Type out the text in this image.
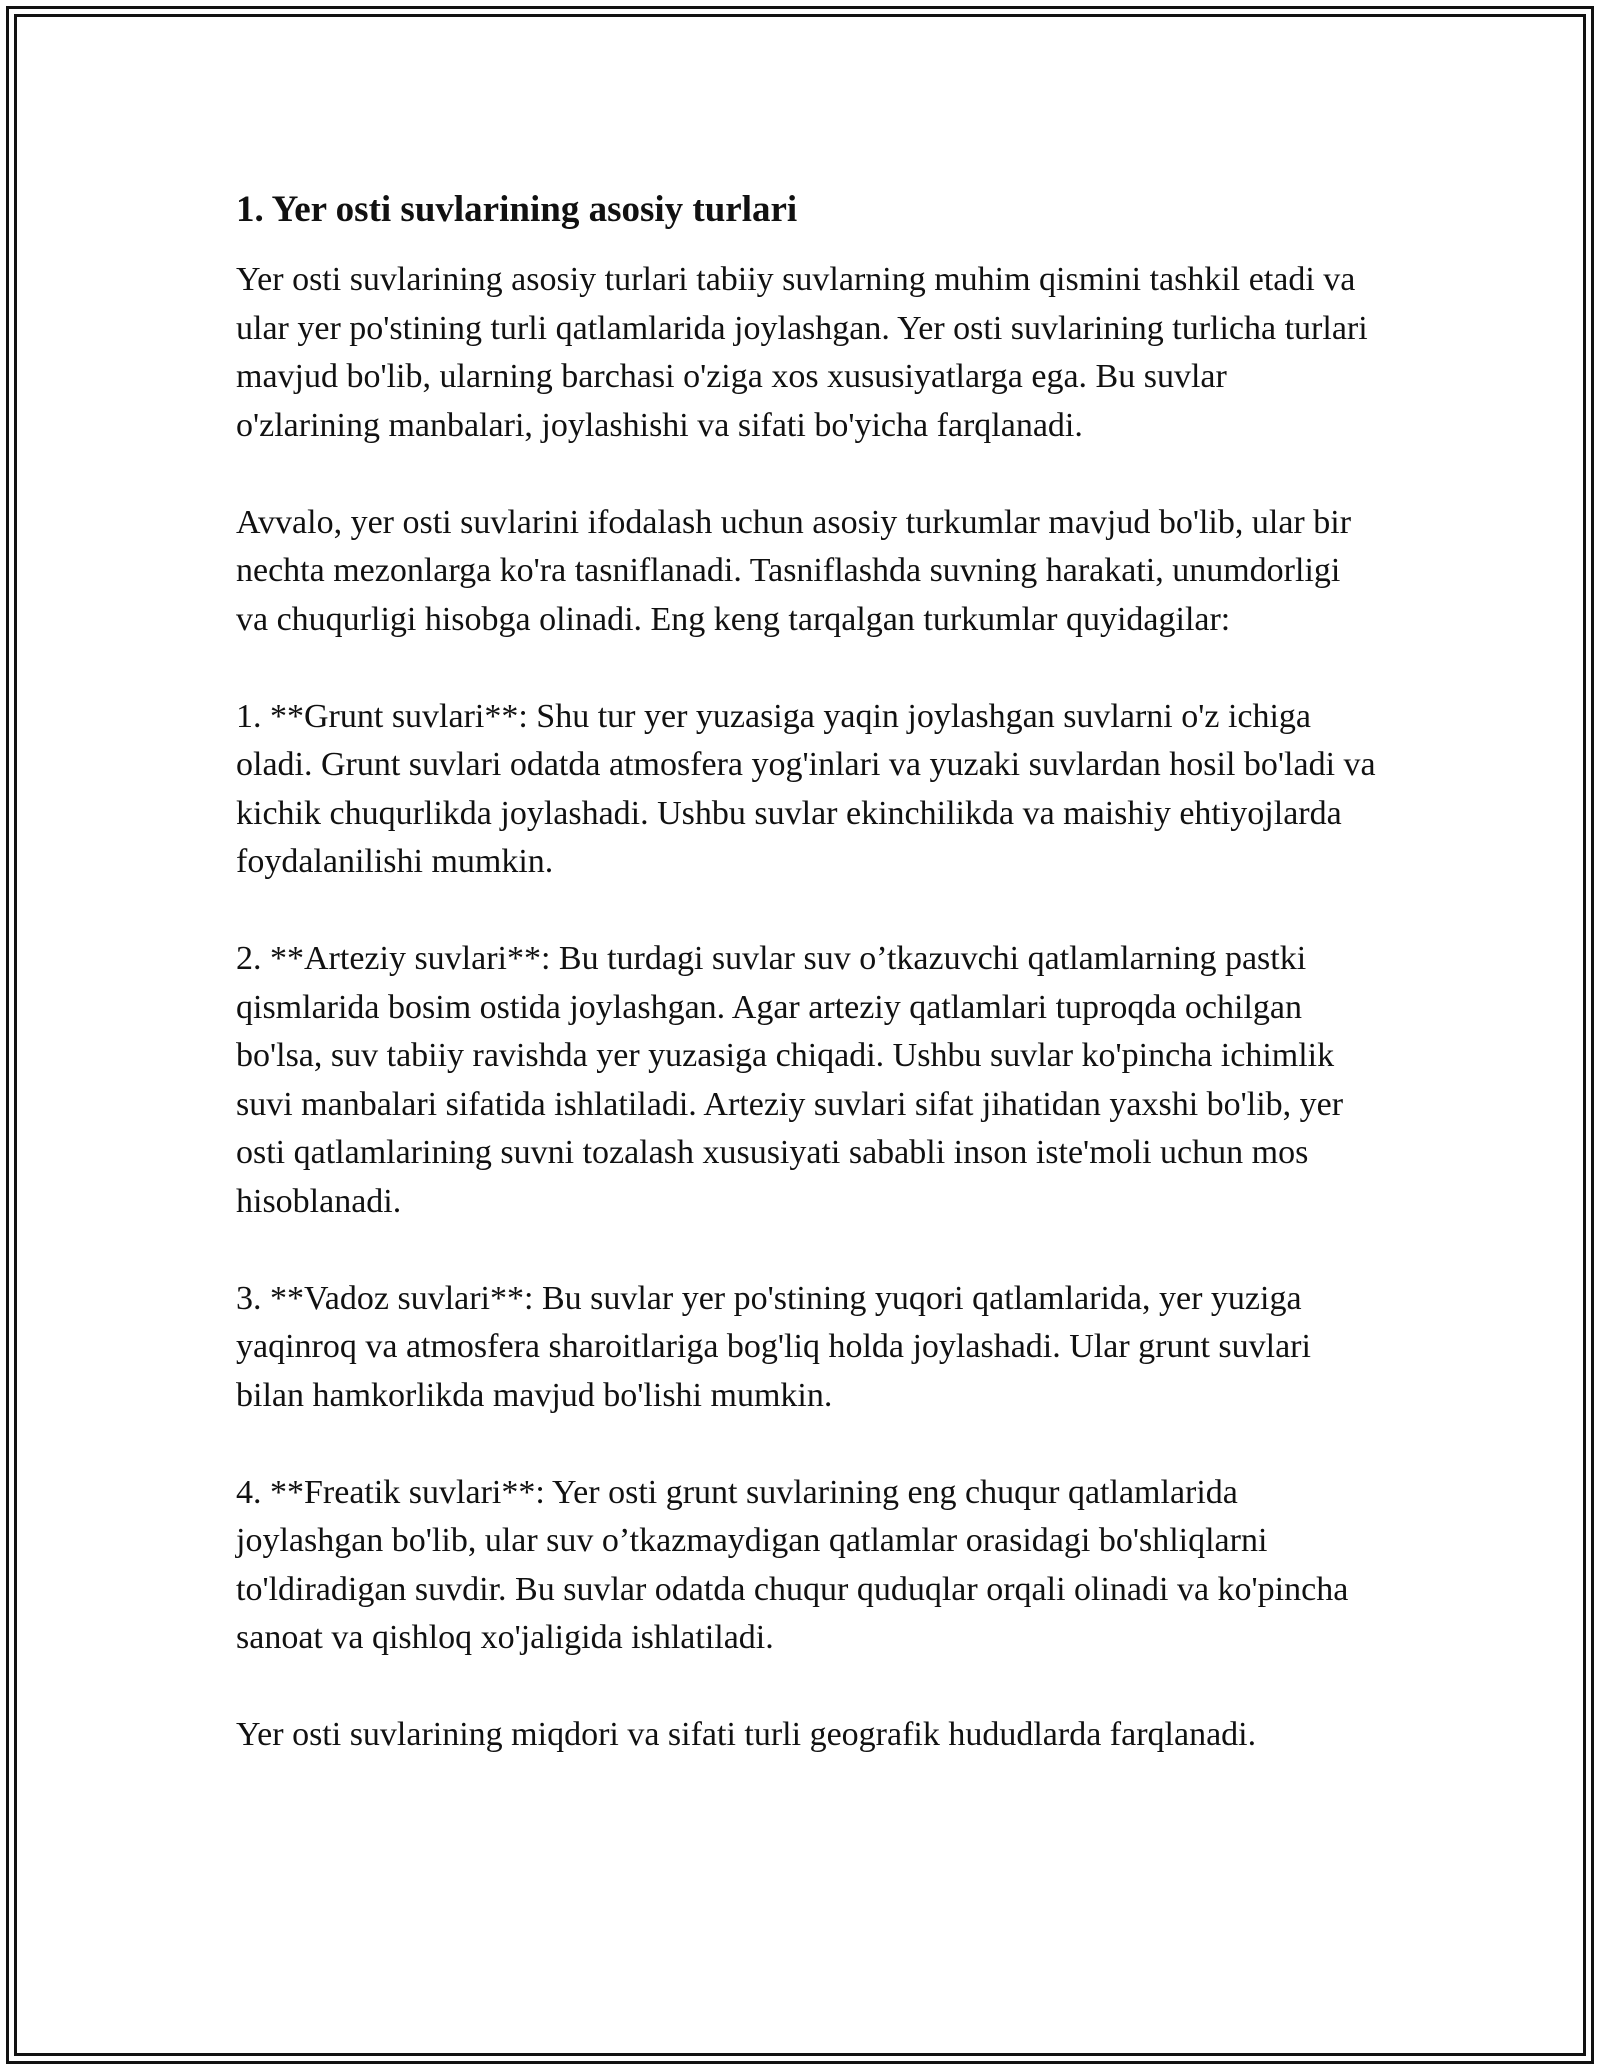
1. Yer osti suvlarining asosiy turlari

Yer osti suvlarining asosiy turlari tabiiy suvlarning muhim qismini tashkil etadi va ular yer po'stining turli qatlamlarida joylashgan. Yer osti suvlarining turlicha turlari mavjud bo'lib, ularning barchasi o'ziga xos xususiyatlarga ega. Bu suvlar o'zlarining manbalari, joylashishi va sifati bo'yicha farqlanadi.

Avvalo, yer osti suvlarini ifodalash uchun asosiy turkumlar mavjud bo'lib, ular bir nechta mezonlarga ko'ra tasniflanadi. Tasniflashda suvning harakati, unumdorligi va chuqurligi hisobga olinadi. Eng keng tarqalgan turkumlar quyidagilar:

1. **Grunt suvlari**: Shu tur yer yuzasiga yaqin joylashgan suvlarni o'z ichiga oladi. Grunt suvlari odatda atmosfera yog'inlari va yuzaki suvlardan hosil bo'ladi va kichik chuqurlikda joylashadi. Ushbu suvlar ekinchilikda va maishiy ehtiyojlarda foydalanilishi mumkin.

2. **Arteziy suvlari**: Bu turdagi suvlar suv o’tkazuvchi qatlamlarning pastki qismlarida bosim ostida joylashgan. Agar arteziy qatlamlari tuproqda ochilgan bo'lsa, suv tabiiy ravishda yer yuzasiga chiqadi. Ushbu suvlar ko'pincha ichimlik suvi manbalari sifatida ishlatiladi. Arteziy suvlari sifat jihatidan yaxshi bo'lib, yer osti qatlamlarining suvni tozalash xususiyati sababli inson iste'moli uchun mos hisoblanadi.

3. **Vadoz suvlari**: Bu suvlar yer po'stining yuqori qatlamlarida, yer yuziga yaqinroq va atmosfera sharoitlariga bog'liq holda joylashadi. Ular grunt suvlari bilan hamkorlikda mavjud bo'lishi mumkin.

4. **Freatik suvlari**: Yer osti grunt suvlarining eng chuqur qatlamlarida joylashgan bo'lib, ular suv o’tkazmaydigan qatlamlar orasidagi bo'shliqlarni to'ldiradigan suvdir. Bu suvlar odatda chuqur quduqlar orqali olinadi va ko'pincha sanoat va qishloq xo'jaligida ishlatiladi.

Yer osti suvlarining miqdori va sifati turli geografik hududlarda farqlanadi.
